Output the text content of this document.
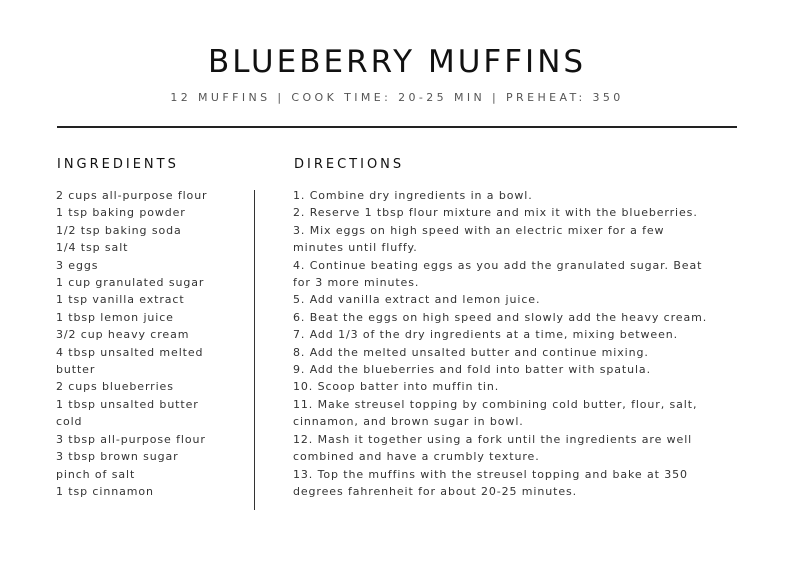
BLUEBERRY MUFFINS
12 MUFFINS | COOK TIME: 20-25 MIN | PREHEAT: 350
INGREDIENTS	DIRECTIONS
2 cups all-purpose flour
1 tsp baking powder
1/2 tsp baking soda
1/4 tsp salt
3 eggs
1 cup granulated sugar
1 tsp vanilla extract
1 tbsp lemon juice
3/2 cup heavy cream
4 tbsp unsalted melted
butter
2 cups blueberries
1 tbsp unsalted butter
cold
3 tbsp all-purpose flour
3 tbsp brown sugar
pinch of salt
1 tsp cinnamon
1. Combine dry ingredients in a bowl.
2. Reserve 1 tbsp flour mixture and mix it with the blueberries.
3. Mix eggs on high speed with an electric mixer for a few
minutes until fluffy.
4. Continue beating eggs as you add the granulated sugar. Beat
for 3 more minutes.
5. Add vanilla extract and lemon juice.
6. Beat the eggs on high speed and slowly add the heavy cream.
7. Add 1/3 of the dry ingredients at a time, mixing between.
8. Add the melted unsalted butter and continue mixing.
9. Add the blueberries and fold into batter with spatula.
10. Scoop batter into muffin tin.
11. Make streusel topping by combining cold butter, flour, salt,
cinnamon, and brown sugar in bowl.
12. Mash it together using a fork until the ingredients are well
combined and have a crumbly texture.
13. Top the muffins with the streusel topping and bake at 350
degrees fahrenheit for about 20-25 minutes.
